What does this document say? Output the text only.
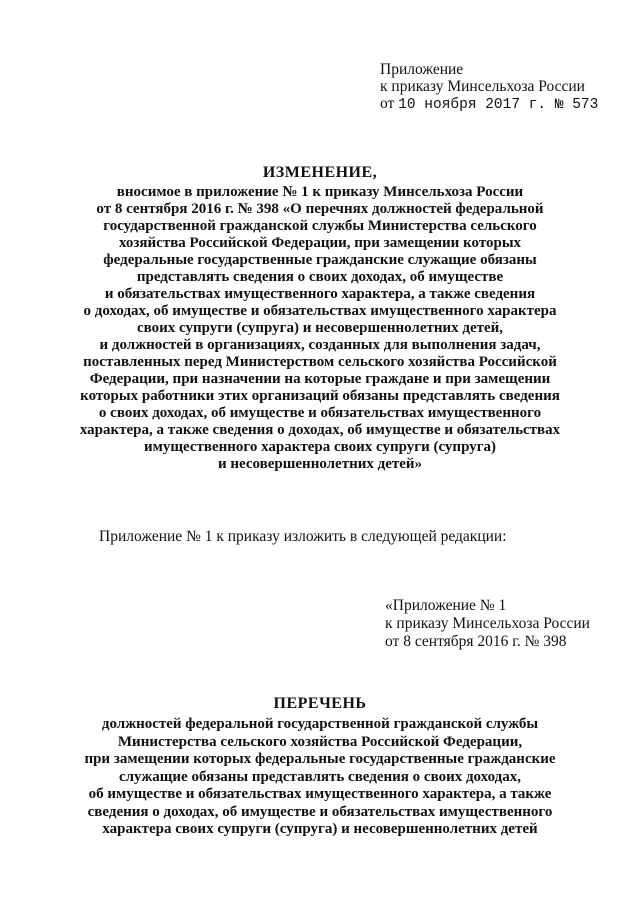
Приложение
к приказу Минсельхоза России
от 10 ноября 2017 г. № 573
ИЗМЕНЕНИЕ,
вносимое в приложение № 1 к приказу Минсельхоза России
от 8 сентября 2016 г. № 398 «О перечнях должностей федеральной
государственной гражданской службы Министерства сельского
хозяйства Российской Федерации, при замещении которых
федеральные государственные гражданские служащие обязаны
представлять сведения о своих доходах, об имуществе
и обязательствах имущественного характера, а также сведения
о доходах, об имуществе и обязательствах имущественного характера
своих супруги (супруга) и несовершеннолетних детей,
и должностей в организациях, созданных для выполнения задач,
поставленных перед Министерством сельского хозяйства Российской
Федерации, при назначении на которые граждане и при замещении
которых работники этих организаций обязаны представлять сведения
о своих доходах, об имуществе и обязательствах имущественного
характера, а также сведения о доходах, об имуществе и обязательствах
имущественного характера своих супруги (супруга)
и несовершеннолетних детей»

Приложение № 1 к приказу изложить в следующей редакции:

«Приложение № 1
к приказу Минсельхоза России
от 8 сентября 2016 г. № 398
ПЕРЕЧЕНЬ
должностей федеральной государственной гражданской службы
Министерства сельского хозяйства Российской Федерации,
при замещении которых федеральные государственные гражданские
служащие обязаны представлять сведения о своих доходах,
об имуществе и обязательствах имущественного характера, а также
сведения о доходах, об имуществе и обязательствах имущественного
характера своих супруги (супруга) и несовершеннолетних детей
